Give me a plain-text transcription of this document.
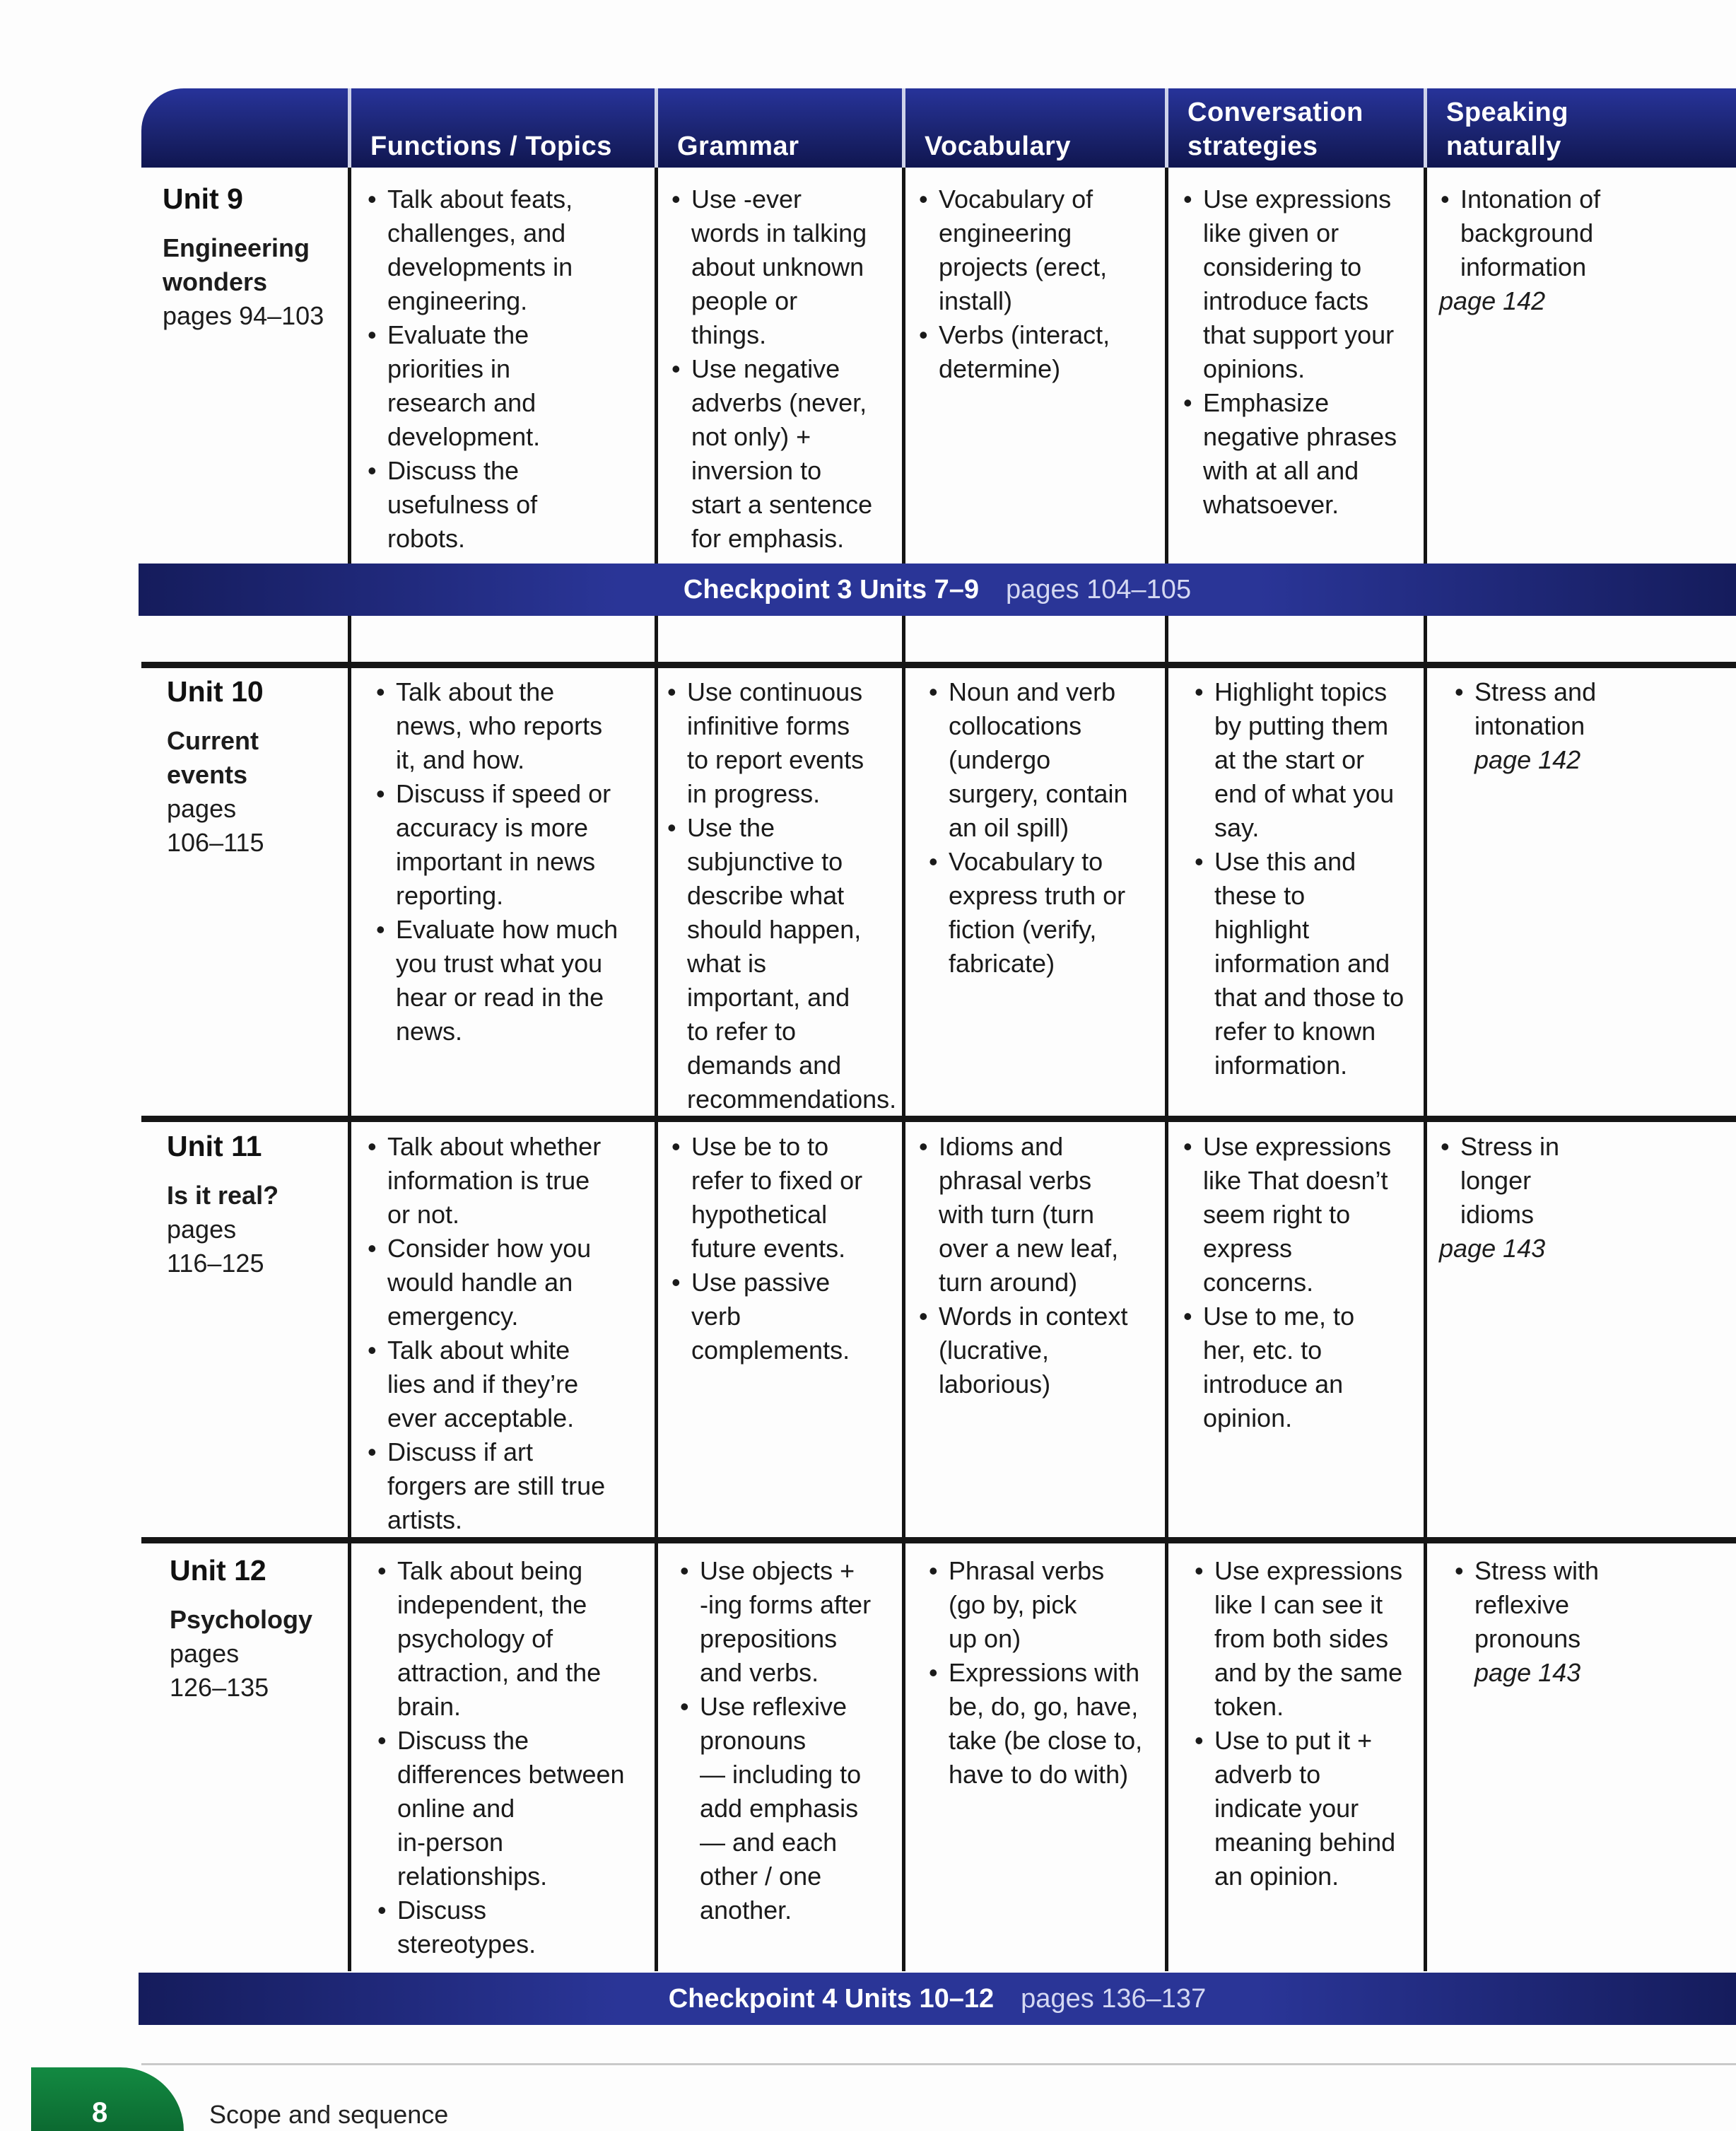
Functions / Topics Grammar	Vocabulary
Conversation
strategies
Speaking
naturally
Checkpoint 3 Units 7–9 pages 104–105
Checkpoint 4 Units 10–12 pages 136–137
Unit 9
Engineering
wonders
pages 94–103
• Talk about feats,
challenges, and
developments in
engineering.
• Evaluate the
priorities in
research and
development.
• Discuss the
usefulness of
robots.
• Use -ever
words in talking
about unknown
people or
things.
• Use negative
adverbs (never,
not only) +
inversion to
start a sentence
for emphasis.
• Vocabulary of
engineering
projects (erect,
install)
• Verbs (interact,
determine)
• Use expressions
like given or
considering to
introduce facts
that support your
opinions.
• Emphasize
negative phrases
with at all and
whatsoever.
• Intonation of
background
information
page 142
Unit 10
Current
events
pages
106–115
• Talk about the
news, who reports
it, and how.
• Discuss if speed or
accuracy is more
important in news
reporting.
• Evaluate how much
you trust what you
hear or read in the
news.
• Use continuous
infinitive forms
to report events
in progress.
• Use the
subjunctive to
describe what
should happen,
what is
important, and
to refer to
demands and
recommendations.
• Noun and verb
collocations
(undergo
surgery, contain
an oil spill)
• Vocabulary to
express truth or
fiction (verify,
fabricate)
• Highlight topics
by putting them
at the start or
end of what you
say.
• Use this and
these to
highlight
information and
that and those to
refer to known
information.
• Stress and
intonation
page 142
Unit 11
Is it real?
pages
116–125
• Talk about whether
information is true
or not.
• Consider how you
would handle an
emergency.
• Talk about white
lies and if they’re
ever acceptable.
• Discuss if art
forgers are still true
artists.
• Use be to to
refer to fixed or
hypothetical
future events.
• Use passive
verb
complements.
• Idioms and
phrasal verbs
with turn (turn
over a new leaf,
turn around)
• Words in context
(lucrative,
laborious)
• Use expressions
like That doesn’t
seem right to
express
concerns.
• Use to me, to
her, etc. to
introduce an
opinion.
• Stress in
longer
idioms
page 143
Unit 12
Psychology
pages
126–135
• Talk about being
independent, the
psychology of
attraction, and the
brain.
• Discuss the
differences between
online and
in-person
relationships.
• Discuss
stereotypes.
• Use objects +
-ing forms after
prepositions
and verbs.
• Use reflexive
pronouns
— including to
add emphasis
— and each
other / one
another.
• Phrasal verbs
(go by, pick
up on)
• Expressions with
be, do, go, have,
take (be close to,
have to do with)
• Use expressions
like I can see it
from both sides
and by the same
token.
• Use to put it +
adverb to
indicate your
meaning behind
an opinion.
• Stress with
reflexive
pronouns
page 143
8	Scope and sequence
